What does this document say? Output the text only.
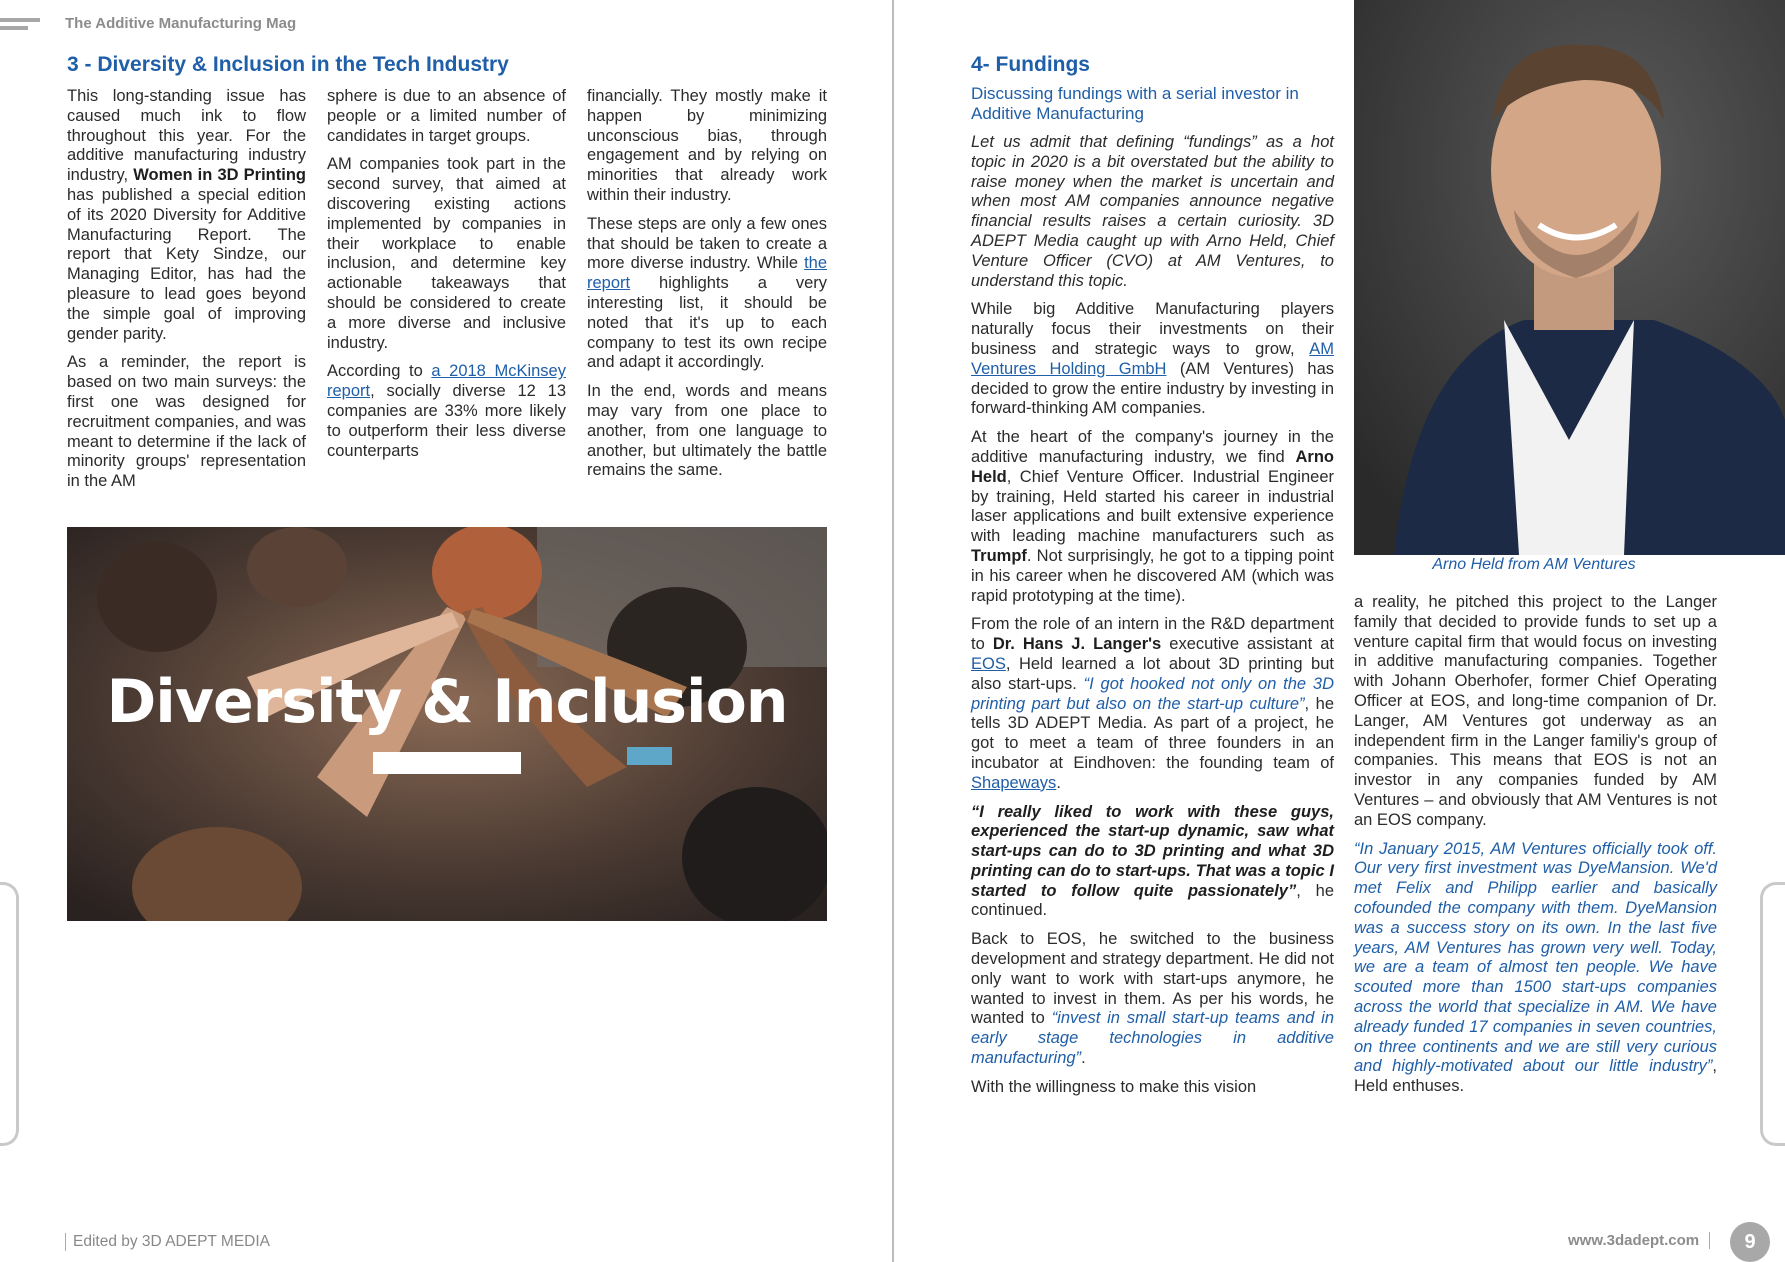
The Additive Manufacturing Mag
3 - Diversity & Inclusion in the Tech Industry

This long-standing issue has caused much ink to flow throughout this year. For the additive manufacturing industry industry, Women in 3D Printing has published a special edition of its 2020 Diversity for Additive Manufacturing Report. The report that Kety Sindze, our Managing Editor, has had the pleasure to lead goes beyond the simple goal of improving gender parity.

As a reminder, the report is based on two main surveys: the first one was designed for recruitment companies, and was meant to determine if the lack of minority groups' representation in the AM

sphere is due to an absence of people or a limited number of candidates in target groups.

AM companies took part in the second survey, that aimed at discovering existing actions implemented by companies in their workplace to enable inclusion, and determine key actionable takeaways that should be considered to create a more diverse and inclusive industry.

According to a 2018 McKinsey report, socially diverse 12 13 companies are 33% more likely to outperform their less diverse counterparts

financially. They mostly make it happen by minimizing unconscious bias, through engagement and by relying on minorities that already work within their industry.

These steps are only a few ones that should be taken to create a more diverse industry. While the report highlights a very interesting list, it should be noted that it's up to each company to test its own recipe and adapt it accordingly.

In the end, words and means may vary from one place to another, from one language to another, but ultimately the battle remains the same.

Diversity & Inclusion
4- Fundings

Discussing fundings with a serial investor in Additive Manufacturing

Let us admit that defining “fundings” as a hot topic in 2020 is a bit overstated but the ability to raise money when the market is uncertain and when most AM companies announce negative financial results raises a certain curiosity. 3D ADEPT Media caught up with Arno Held, Chief Venture Officer (CVO) at AM Ventures, to understand this topic.

While big Additive Manufacturing players naturally focus their investments on their business and strategic ways to grow, AM Ventures Holding GmbH (AM Ventures) has decided to grow the entire industry by investing in forward-thinking AM companies.

At the heart of the company's journey in the additive manufacturing industry, we find Arno Held, Chief Venture Officer. Industrial Engineer by training, Held started his career in industrial laser applications and built extensive experience with leading machine manufacturers such as Trumpf. Not surprisingly, he got to a tipping point in his career when he discovered AM (which was rapid prototyping at the time).

From the role of an intern in the R&D department to Dr. Hans J. Langer's executive assistant at EOS, Held learned a lot about 3D printing but also start-ups. “I got hooked not only on the 3D printing part but also on the start-up culture”, he tells 3D ADEPT Media. As part of a project, he got to meet a team of three founders in an incubator at Eindhoven: the founding team of Shapeways.

“I really liked to work with these guys, experienced the start-up dynamic, saw what start-ups can do to 3D printing and what 3D printing can do to start-ups. That was a topic I started to follow quite passionately”, he continued.

Back to EOS, he switched to the business development and strategy department. He did not only want to work with start-ups anymore, he wanted to invest in them. As per his words, he wanted to “invest in small start-up teams and in early stage technologies in additive manufacturing”.

With the willingness to make this vision

Arno Held from AM Ventures

a reality, he pitched this project to the Langer family that decided to provide funds to set up a venture capital firm that would focus on investing in additive manufacturing companies. Together with Johann Oberhofer, former Chief Operating Officer at EOS, and long-time companion of Dr. Langer, AM Ventures got underway as an independent firm in the Langer familiy's group of companies. This means that EOS is not an investor in any companies funded by AM Ventures – and obviously that AM Ventures is not an EOS company.

“In January 2015, AM Ventures officially took off. Our very first investment was DyeMansion. We'd met Felix and Philipp earlier and basically cofounded the company with them. DyeMansion was a success story on its own. In the last five years, AM Ventures has grown very well. Today, we are a team of almost ten people. We have scouted more than 1500 start-ups companies across the world that specialize in AM. We have already funded 17 companies in seven countries, on three continents and we are still very curious and highly-motivated about our little industry”, Held enthuses.

Edited by 3D ADEPT MEDIA	www.3dadept.com	9
